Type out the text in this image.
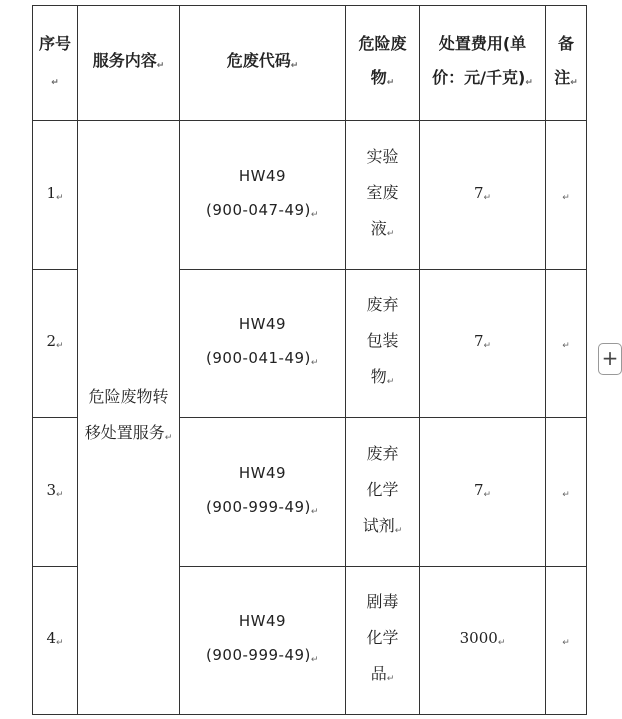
序号↵	服务内容↵	危废代码↵	危险废物↵	处置费用(单价：元/千克)↵	备注↵
1↵	危险废物转移处置服务↵	HW49
(900-047-49)↵	实验室废液↵	7↵	↵
2↵		HW49
(900-041-49)↵	废弃包装物↵	7↵	↵
3↵		HW49
(900-999-49)↵	废弃化学试剂↵	7↵	↵
4↵		HW49
(900-999-49)↵	剧毒化学品↵	3000↵	↵
+
